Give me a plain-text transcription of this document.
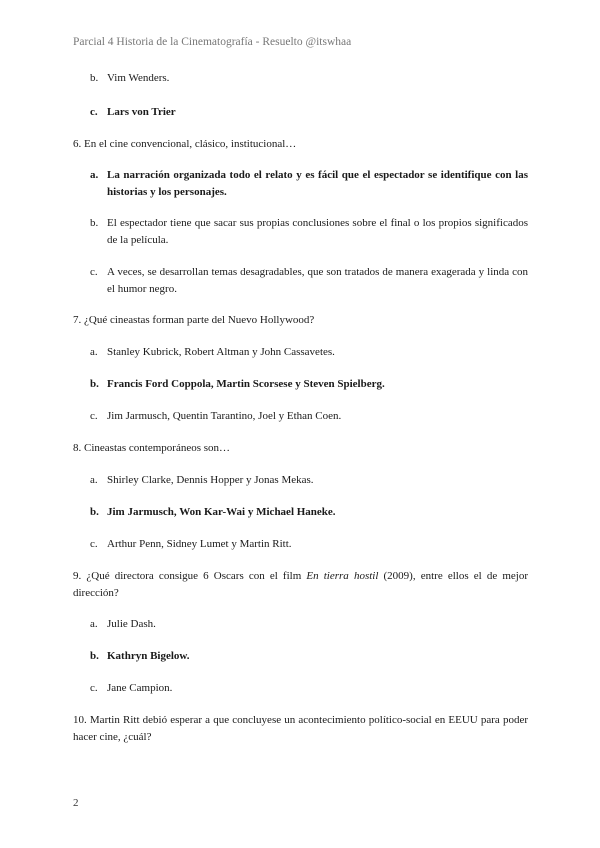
Parcial 4 Historia de la Cinematografía - Resuelto @itswhaa

b. Vim Wenders.

c. Lars von Trier

6. En el cine convencional, clásico, institucional…

a. La narración organizada todo el relato y es fácil que el espectador se identifique con las historias y los personajes.

b. El espectador tiene que sacar sus propias conclusiones sobre el final o los propios significados de la película.

c. A veces, se desarrollan temas desagradables, que son tratados de manera exagerada y linda con el humor negro.

7. ¿Qué cineastas forman parte del Nuevo Hollywood?

a. Stanley Kubrick, Robert Altman y John Cassavetes.

b. Francis Ford Coppola, Martin Scorsese y Steven Spielberg.

c. Jim Jarmusch, Quentin Tarantino, Joel y Ethan Coen.

8. Cineastas contemporáneos son…

a. Shirley Clarke, Dennis Hopper y Jonas Mekas.

b. Jim Jarmusch, Won Kar-Wai y Michael Haneke.

c. Arthur Penn, Sidney Lumet y Martin Ritt.

9. ¿Qué directora consigue 6 Oscars con el film En tierra hostil (2009), entre ellos el de mejor dirección?

a. Julie Dash.

b. Kathryn Bigelow.

c. Jane Campion.

10. Martin Ritt debió esperar a que concluyese un acontecimiento político-social en EEUU para poder hacer cine, ¿cuál?

2
